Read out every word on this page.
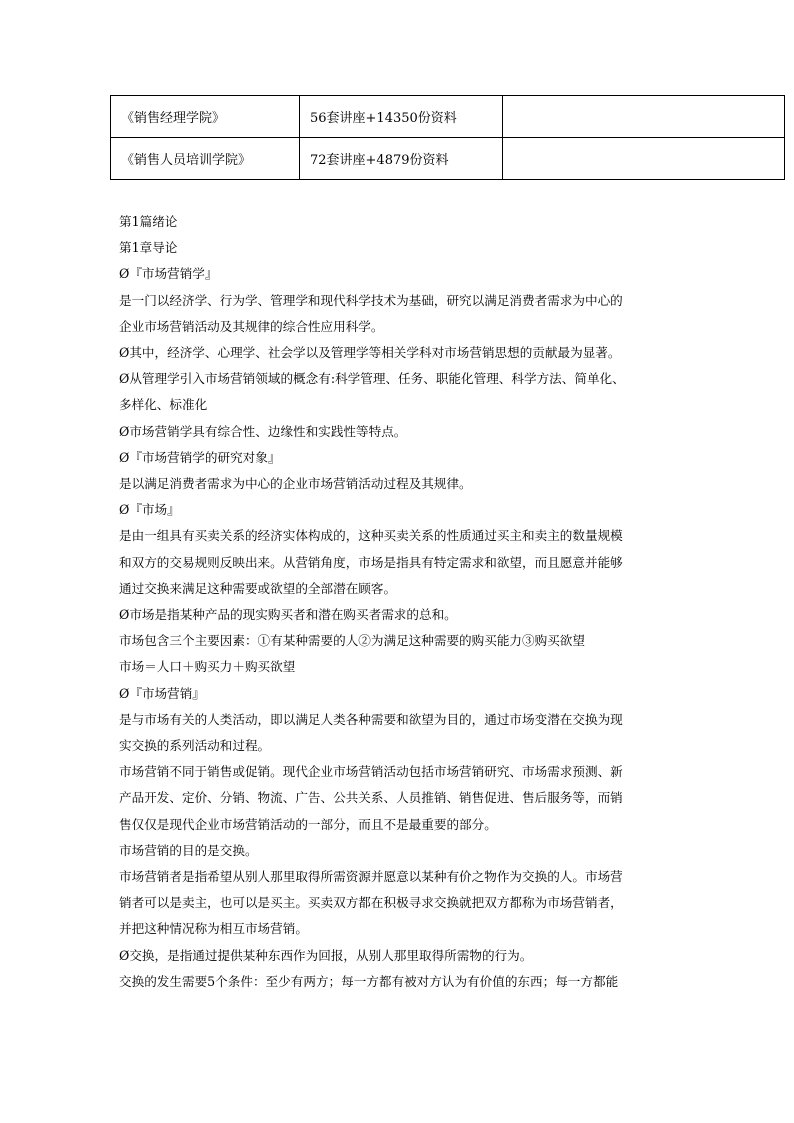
《销售经理学院》	56套讲座+14350份资料	
《销售人员培训学院》	72套讲座+4879份资料	

第1篇绪论

第1章导论

Ø『市场营销学』

是一门以经济学、行为学、管理学和现代科学技术为基础，研究以满足消费者需求为中心的

企业市场营销活动及其规律的综合性应用科学。

Ø其中，经济学、心理学、社会学以及管理学等相关学科对市场营销思想的贡献最为显著。

Ø从管理学引入市场营销领域的概念有:科学管理、任务、职能化管理、科学方法、简单化、

多样化、标准化

Ø市场营销学具有综合性、边缘性和实践性等特点。

Ø『市场营销学的研究对象』

是以满足消费者需求为中心的企业市场营销活动过程及其规律。

Ø『市场』

是由一组具有买卖关系的经济实体构成的，这种买卖关系的性质通过买主和卖主的数量规模

和双方的交易规则反映出来。从营销角度，市场是指具有特定需求和欲望，而且愿意并能够

通过交换来满足这种需要或欲望的全部潜在顾客。

Ø市场是指某种产品的现实购买者和潜在购买者需求的总和。

市场包含三个主要因素：①有某种需要的人②为满足这种需要的购买能力③购买欲望

市场＝人口＋购买力＋购买欲望

Ø『市场营销』

是与市场有关的人类活动，即以满足人类各种需要和欲望为目的，通过市场变潜在交换为现

实交换的系列活动和过程。

市场营销不同于销售或促销。现代企业市场营销活动包括市场营销研究、市场需求预测、新

产品开发、定价、分销、物流、广告、公共关系、人员推销、销售促进、售后服务等，而销

售仅仅是现代企业市场营销活动的一部分，而且不是最重要的部分。

市场营销的目的是交换。

市场营销者是指希望从别人那里取得所需资源并愿意以某种有价之物作为交换的人。市场营

销者可以是卖主，也可以是买主。买卖双方都在积极寻求交换就把双方都称为市场营销者，

并把这种情况称为相互市场营销。

Ø交换，是指通过提供某种东西作为回报，从别人那里取得所需物的行为。

交换的发生需要5个条件：至少有两方；每一方都有被对方认为有价值的东西；每一方都能
